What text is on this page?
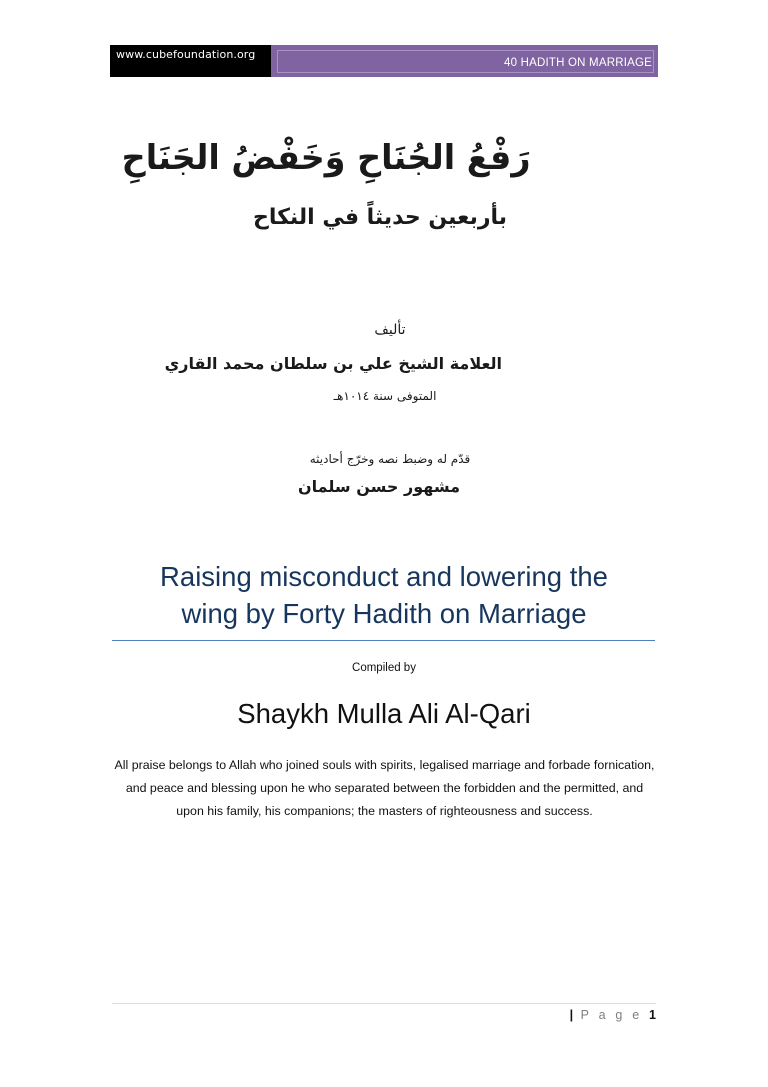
www.cubefoundation.org
40 HADITH ON MARRIAGE
رَفْعُ الجُنَاحِ وَخَفْضُ الجَنَاحِ
بأربعين حديثاً في النكاح
تأليف
العلامة الشيخ علي بن سلطان محمد القاري
المتوفى سنة ١٠١٤هـ
قدّم له وضبط نصه وخرّج أحاديثه
مشهور حسن سلمان
Raising misconduct and lowering the
wing by Forty Hadith on Marriage
Compiled by
Shaykh Mulla Ali Al-Qari

All praise belongs to Allah who joined souls with spirits, legalised marriage and forbade fornication, and peace and blessing upon he who separated between the forbidden and the permitted, and upon his family, his companions; the masters of righteousness and success.

| P a g e 1
